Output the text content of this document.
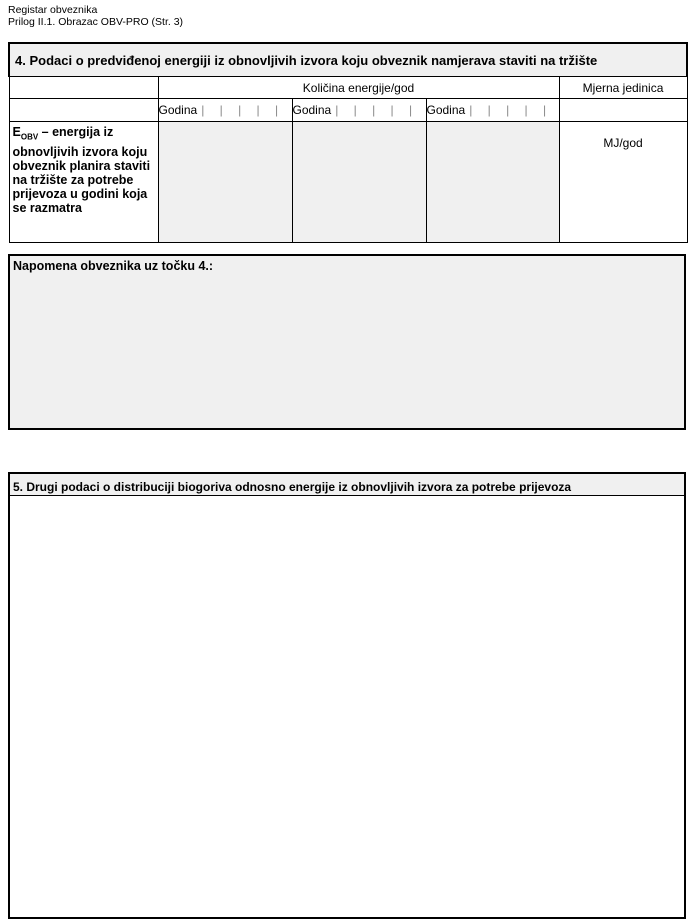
Registar obveznika
Prilog II.1. Obrazac OBV-PRO (Str. 3)
4. Podaci o predviđenoj energiji iz obnovljivih izvora koju obveznik namjerava staviti na tržište				
	Količina energije/god			Mjerna jedinica
	Godina | | | | |	Godina | | | | |	Godina | | | | |	
$E_{OBV}$ – energija iz obnovljivih izvora koju obveznik planira staviti na tržište za potrebe prijevoza u godini koja se razmatra				MJ/god
Napomena obveznika uz točku 4.:
5. Drugi podaci o distribuciji biogoriva odnosno energije iz obnovljivih izvora za potrebe prijevoza
